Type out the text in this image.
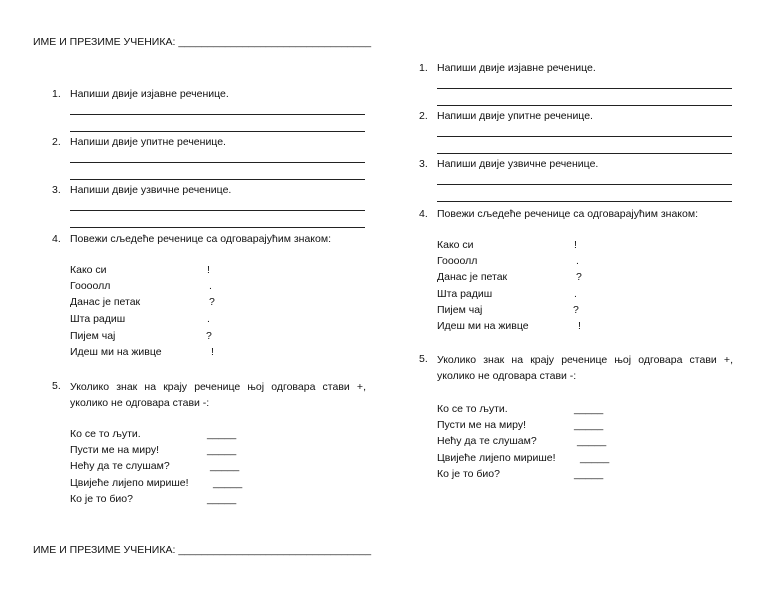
ИМЕ И ПРЕЗИМЕ УЧЕНИКА: _________________________________
1. Напиши двије изјавне реченице.
2. Напиши двије упитне реченице.
3. Напиши двије узвичне реченице.
4. Повежи сљедеће реченице са одговарајућим знаком:
Како си	!
Гоооолл	.
Данас је петак	?
Шта радиш	.
Пијем чај	?
Идеш ми на живце	!
5. Уколико знак на крају реченице њој одговара стави +, уколико не одговара стави -:
Ко се то љути.	_____
Пусти ме на миру!	_____
Нећу да те слушам?	_____
Цвијеће лијепо мирише! _____
Ко је то био?	_____
ИМЕ И ПРЕЗИМЕ УЧЕНИКА: _________________________________
1. Напиши двије изјавне реченице.
2. Напиши двије упитне реченице.
3. Напиши двије узвичне реченице.
4. Повежи сљедеће реченице са одговарајућим знаком:
Како си	!
Гоооолл	.
Данас је петак	?
Шта радиш	.
Пијем чај	?
Идеш ми на живце	!
5. Уколико знак на крају реченице њој одговара стави +, уколико не одговара стави -:
Ко се то љути.	_____
Пусти ме на миру!	_____
Нећу да те слушам?	_____
Цвијеће лијепо мирише! _____
Ко је то био?	_____
